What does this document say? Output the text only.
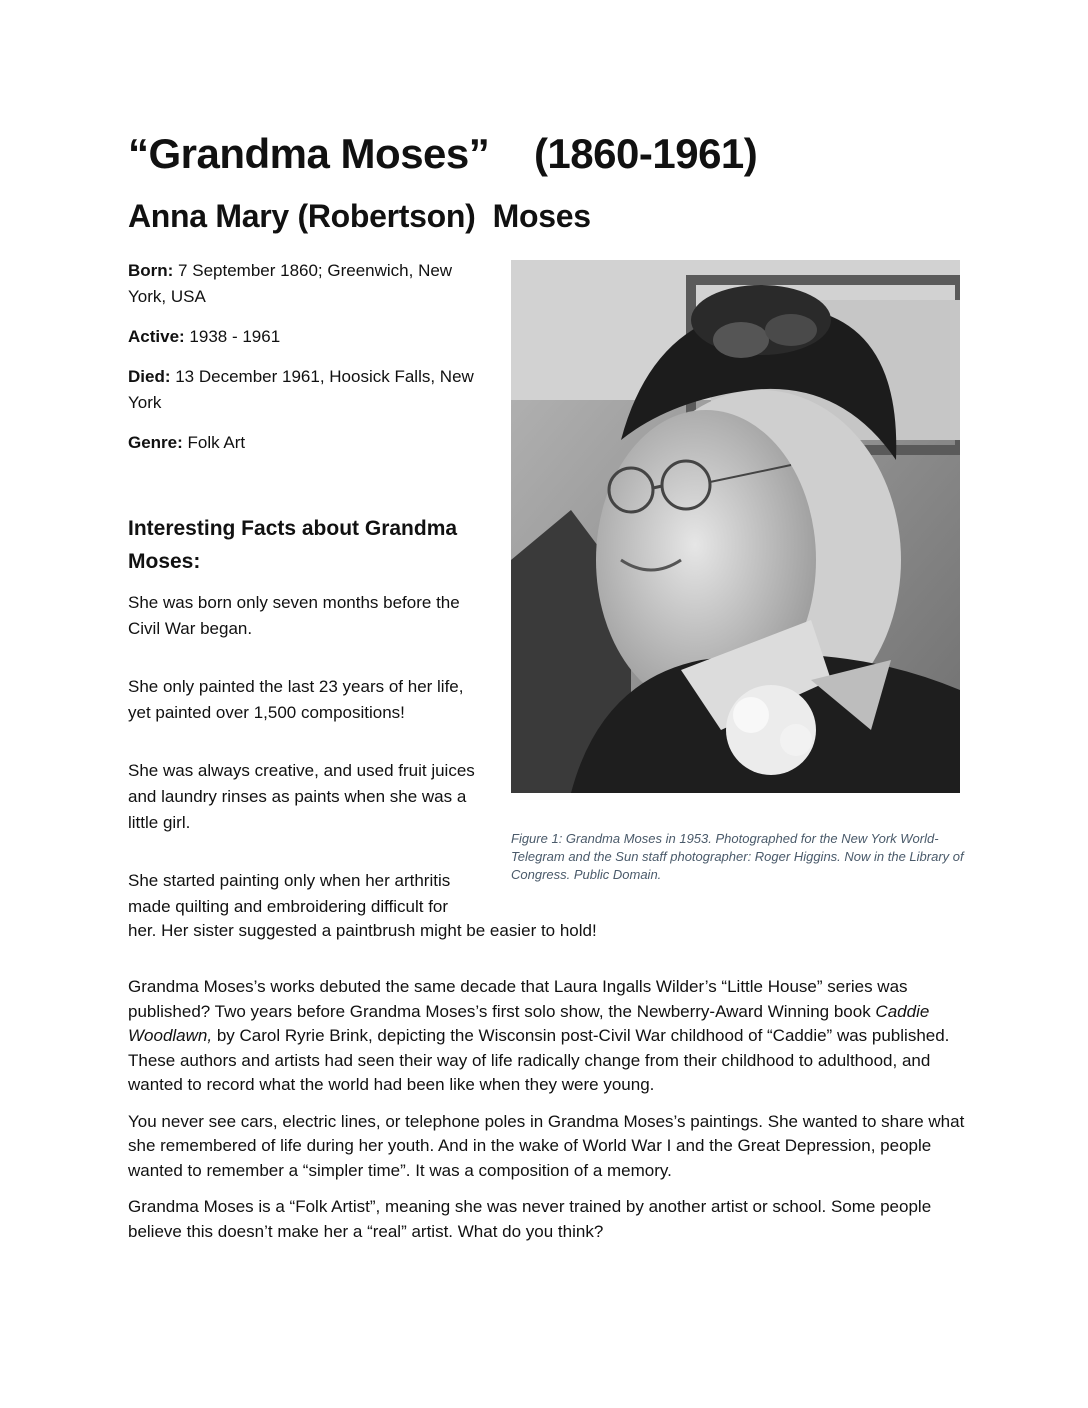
“Grandma Moses”    (1860-1961)
Anna Mary (Robertson)  Moses

Born: 7 September 1860; Greenwich, New York, USA

Active: 1938 - 1961

Died: 13 December 1961, Hoosick Falls, New York

Genre: Folk Art

Interesting Facts about Grandma Moses:

She was born only seven months before the Civil War began.

She only painted the last 23 years of her life, yet painted over 1,500 compositions!

She was always creative, and used fruit juices and laundry rinses as paints when she was a little girl.

She started painting only when her arthritis made quilting and embroidering difficult for

her. Her sister suggested a paintbrush might be easier to hold!

Figure 1: Grandma Moses in 1953. Photographed for the New York World-Telegram and the Sun staff photographer: Roger Higgins. Now in the Library of Congress. Public Domain.

Grandma Moses’s works debuted the same decade that Laura Ingalls Wilder’s “Little House” series was published? Two years before Grandma Moses’s first solo show, the Newberry-Award Winning book Caddie Woodlawn, by Carol Ryrie Brink, depicting the Wisconsin post-Civil War childhood of “Caddie” was published. These authors and artists had seen their way of life radically change from their childhood to adulthood, and wanted to record what the world had been like when they were young.

You never see cars, electric lines, or telephone poles in Grandma Moses’s paintings. She wanted to share what she remembered of life during her youth. And in the wake of World War I and the Great Depression, people wanted to remember a “simpler time”. It was a composition of a memory.

Grandma Moses is a “Folk Artist”, meaning she was never trained by another artist or school. Some people believe this doesn’t make her a “real” artist. What do you think?
